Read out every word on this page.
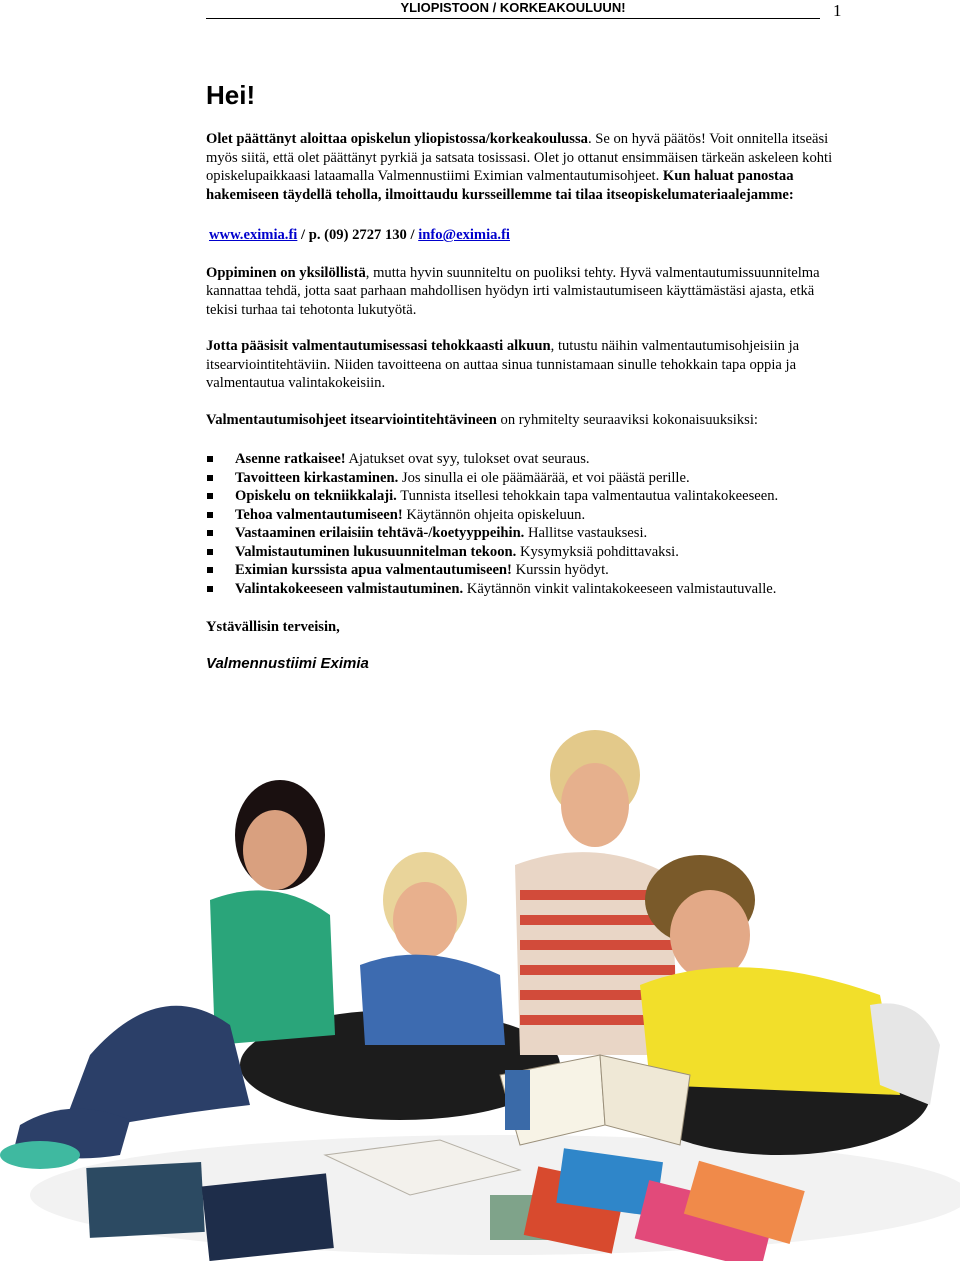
YLIOPISTOON / KORKEAKOULUUN!	1
Hei!

Olet päättänyt aloittaa opiskelun yliopistossa/korkeakoulussa. Se on hyvä päätös! Voit onnitella itseäsi myös siitä, että olet päättänyt pyrkiä ja satsata tosissasi. Olet jo ottanut ensimmäisen tärkeän askeleen kohti opiskelupaikkaasi lataamalla Valmennustiimi Eximian valmentautumisohjeet. Kun haluat panostaa hakemiseen täydellä teholla, ilmoittaudu kursseillemme tai tilaa itseopiskelumateriaalejamme:

www.eximia.fi / p. (09) 2727 130 / info@eximia.fi

Oppiminen on yksilöllistä, mutta hyvin suunniteltu on puoliksi tehty. Hyvä valmentautumissuunnitelma kannattaa tehdä, jotta saat parhaan mahdollisen hyödyn irti valmistautumiseen käyttämästäsi ajasta, etkä tekisi turhaa tai tehotonta lukutyötä.

Jotta pääsisit valmentautumisessasi tehokkaasti alkuun, tutustu näihin valmentautumisohjeisiin ja itsearviointitehtäviin. Niiden tavoitteena on auttaa sinua tunnistamaan sinulle tehokkain tapa oppia ja valmentautua valintakokeisiin.

Valmentautumisohjeet itsearviointitehtävineen on ryhmitelty seuraaviksi kokonaisuuksiksi:

Asenne ratkaisee! Ajatukset ovat syy, tulokset ovat seuraus.
Tavoitteen kirkastaminen. Jos sinulla ei ole päämäärää, et voi päästä perille.
Opiskelu on tekniikkalaji. Tunnista itsellesi tehokkain tapa valmentautua valintakokeeseen.
Tehoa valmentautumiseen! Käytännön ohjeita opiskeluun.
Vastaaminen erilaisiin tehtävä-/koetyyppeihin. Hallitse vastauksesi.
Valmistautuminen lukusuunnitelman tekoon. Kysymyksiä pohdittavaksi.
Eximian kurssista apua valmentautumiseen! Kurssin hyödyt.
Valintakokeeseen valmistautuminen. Käytännön vinkit valintakokeeseen valmistautuvalle.
Ystävällisin terveisin,
Valmennustiimi Eximia
